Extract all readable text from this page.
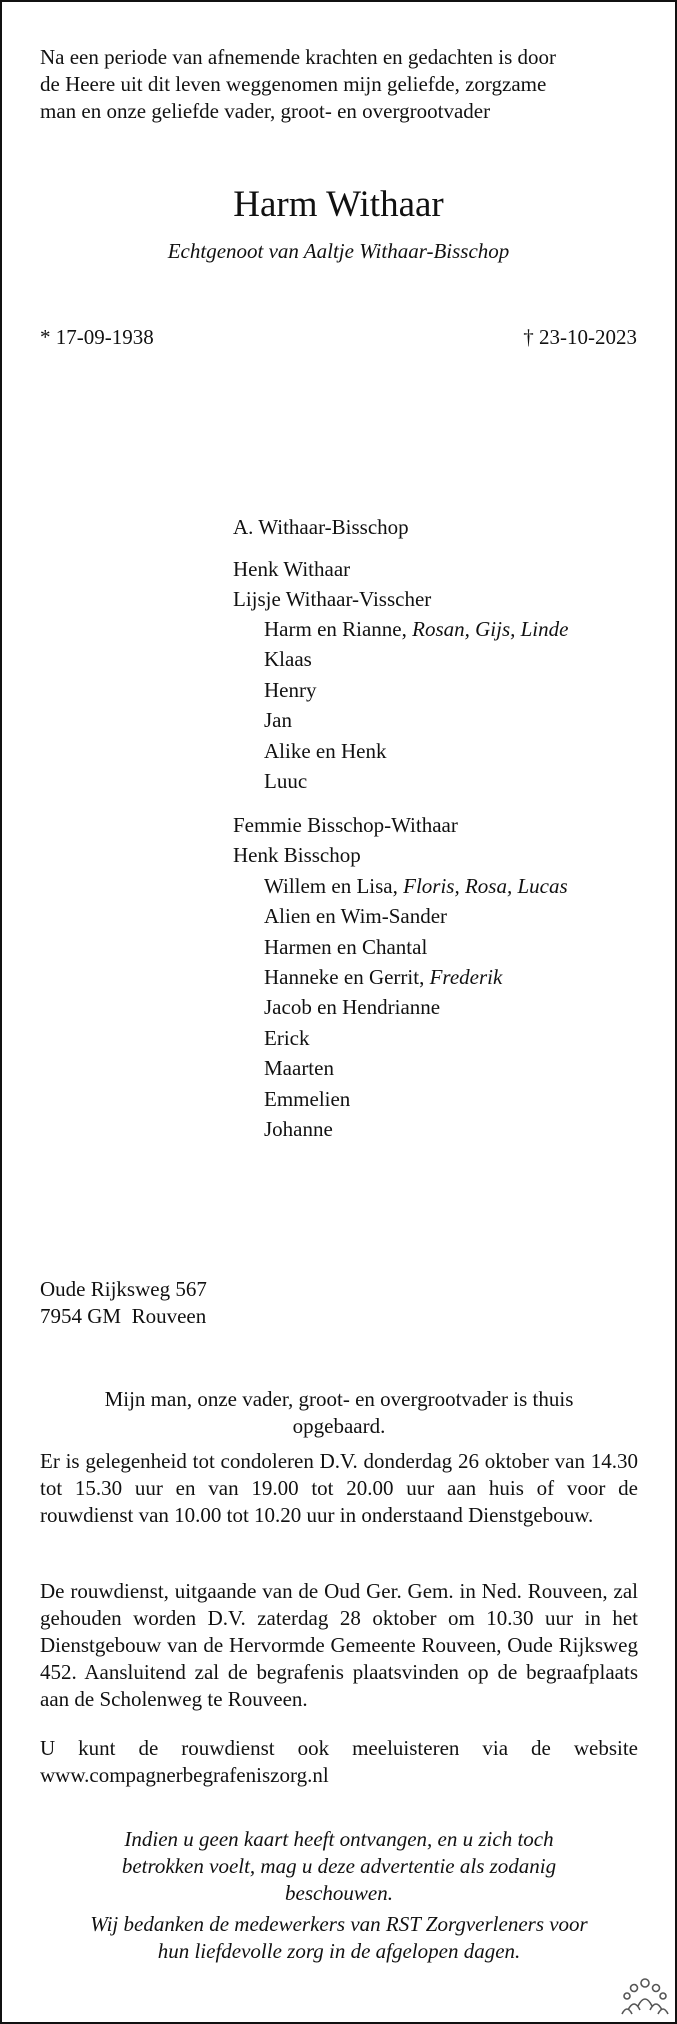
Na een periode van afnemende krachten en gedachten is door
de Heere uit dit leven weggenomen mijn geliefde, zorgzame
man en onze geliefde vader, groot- en overgrootvader
Harm Withaar
Echtgenoot van Aaltje Withaar-Bisschop
* 17-09-1938	† 23-10-2023
A. Withaar-Bisschop
Henk Withaar
Lijsje Withaar-Visscher
Harm en Rianne, Rosan, Gijs, Linde
Klaas
Henry
Jan
Alike en Henk
Luuc
Femmie Bisschop-Withaar
Henk Bisschop
Willem en Lisa, Floris, Rosa, Lucas
Alien en Wim-Sander
Harmen en Chantal
Hanneke en Gerrit, Frederik
Jacob en Hendrianne
Erick
Maarten
Emmelien
Johanne
Oude Rijksweg 567
7954 GM  Rouveen
Mijn man, onze vader, groot- en overgrootvader is thuis
opgebaard.
Er is gelegenheid tot condoleren D.V. donderdag 26 oktober van 14.30 tot 15.30 uur en van 19.00 tot 20.00 uur aan huis of voor de rouwdienst van 10.00 tot 10.20 uur in onderstaand Dienstgebouw.
De rouwdienst, uitgaande van de Oud Ger. Gem. in Ned. Rouveen, zal gehouden worden D.V. zaterdag 28 oktober om 10.30 uur in het Dienstgebouw van de Hervormde Gemeente Rouveen, Oude Rijksweg 452. Aansluitend zal de begrafenis plaatsvinden op de begraafplaats aan de Scholenweg te Rouveen.
U kunt de rouwdienst ook meeluisteren via de website
www.compagnerbegrafeniszorg.nl
Indien u geen kaart heeft ontvangen, en u zich toch
betrokken voelt, mag u deze advertentie als zodanig
beschouwen.
Wij bedanken de medewerkers van RST Zorgverleners voor
hun liefdevolle zorg in de afgelopen dagen.
